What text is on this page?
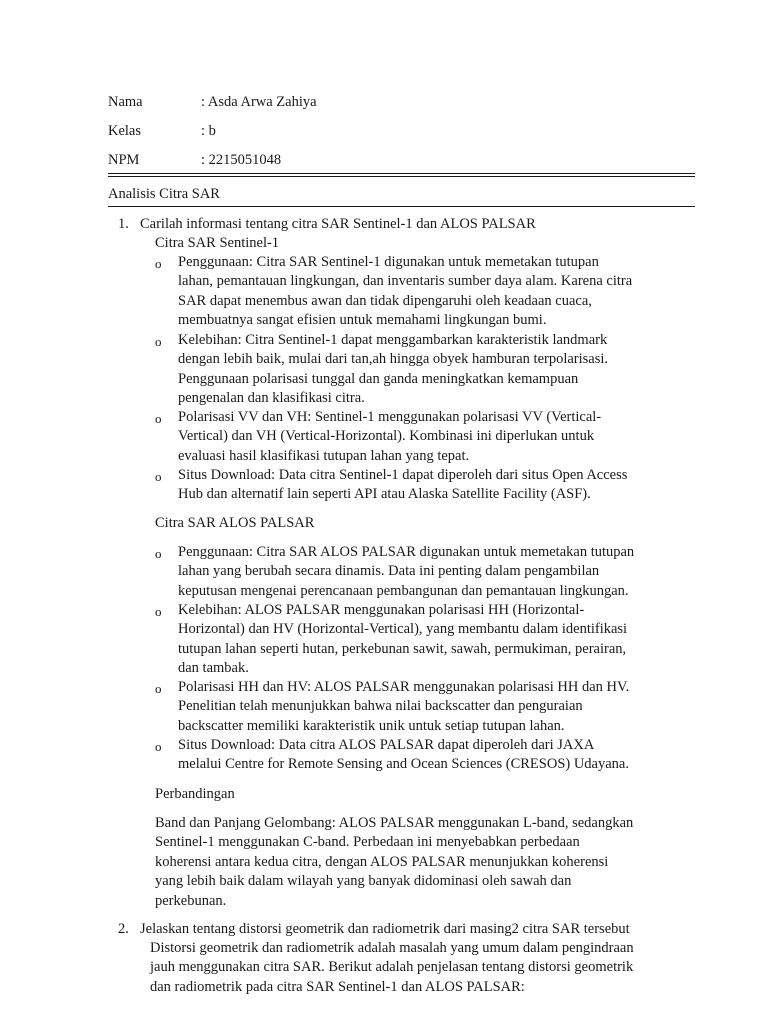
Nama	: Asda Arwa Zahiya
Kelas	: b
NPM	: 2215051048
Analisis Citra SAR
1. Carilah informasi tentang citra SAR Sentinel-1 dan ALOS PALSAR
Citra SAR Sentinel-1
o Penggunaan: Citra SAR Sentinel-1 digunakan untuk memetakan tutupan
lahan, pemantauan lingkungan, dan inventaris sumber daya alam. Karena citra
SAR dapat menembus awan dan tidak dipengaruhi oleh keadaan cuaca,
membuatnya sangat efisien untuk memahami lingkungan bumi.
o Kelebihan: Citra Sentinel-1 dapat menggambarkan karakteristik landmark
dengan lebih baik, mulai dari tan,ah hingga obyek hamburan terpolarisasi.
Penggunaan polarisasi tunggal dan ganda meningkatkan kemampuan
pengenalan dan klasifikasi citra.
o Polarisasi VV dan VH: Sentinel-1 menggunakan polarisasi VV (Vertical-
Vertical) dan VH (Vertical-Horizontal). Kombinasi ini diperlukan untuk
evaluasi hasil klasifikasi tutupan lahan yang tepat.
o Situs Download: Data citra Sentinel-1 dapat diperoleh dari situs Open Access
Hub dan alternatif lain seperti API atau Alaska Satellite Facility (ASF).
Citra SAR ALOS PALSAR
o Penggunaan: Citra SAR ALOS PALSAR digunakan untuk memetakan tutupan
lahan yang berubah secara dinamis. Data ini penting dalam pengambilan
keputusan mengenai perencanaan pembangunan dan pemantauan lingkungan.
o Kelebihan: ALOS PALSAR menggunakan polarisasi HH (Horizontal-
Horizontal) dan HV (Horizontal-Vertical), yang membantu dalam identifikasi
tutupan lahan seperti hutan, perkebunan sawit, sawah, permukiman, perairan,
dan tambak.
o Polarisasi HH dan HV: ALOS PALSAR menggunakan polarisasi HH dan HV.
Penelitian telah menunjukkan bahwa nilai backscatter dan penguraian
backscatter memiliki karakteristik unik untuk setiap tutupan lahan.
o Situs Download: Data citra ALOS PALSAR dapat diperoleh dari JAXA
melalui Centre for Remote Sensing and Ocean Sciences (CRESOS) Udayana.
Perbandingan
Band dan Panjang Gelombang: ALOS PALSAR menggunakan L-band, sedangkan
Sentinel-1 menggunakan C-band. Perbedaan ini menyebabkan perbedaan
koherensi antara kedua citra, dengan ALOS PALSAR menunjukkan koherensi
yang lebih baik dalam wilayah yang banyak didominasi oleh sawah dan
perkebunan.
2. Jelaskan tentang distorsi geometrik dan radiometrik dari masing2 citra SAR tersebut
Distorsi geometrik dan radiometrik adalah masalah yang umum dalam pengindraan
jauh menggunakan citra SAR. Berikut adalah penjelasan tentang distorsi geometrik
dan radiometrik pada citra SAR Sentinel-1 dan ALOS PALSAR:
